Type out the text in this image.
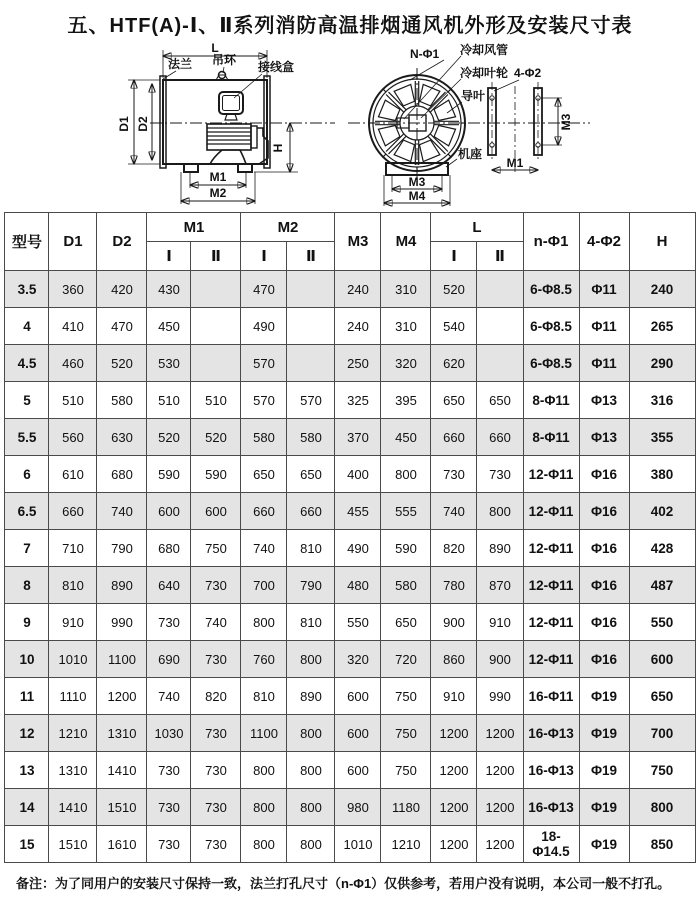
五、HTF(A)-Ⅰ、Ⅱ系列消防高温排烟通风机外形及安装尺寸表
L
D1 D2
H
M1
M2
法兰 吊环 接线盒
M3
M4
M1
M3
N-Φ1 冷却风管
冷却叶轮 4-Φ2
导叶
机座
型号	D1	D2	M1		M2		M3	M4	L		n-Φ1	4-Φ2	H
			Ⅰ	Ⅱ	Ⅰ	Ⅱ			Ⅰ	Ⅱ			
3.5	360	420	430		470		240	310	520		6-Φ8.5	Φ11	240
4	410	470	450		490		240	310	540		6-Φ8.5	Φ11	265
4.5	460	520	530		570		250	320	620		6-Φ8.5	Φ11	290
5	510	580	510	510	570	570	325	395	650	650	8-Φ11	Φ13	316
5.5	560	630	520	520	580	580	370	450	660	660	8-Φ11	Φ13	355
6	610	680	590	590	650	650	400	800	730	730	12-Φ11	Φ16	380
6.5	660	740	600	600	660	660	455	555	740	800	12-Φ11	Φ16	402
7	710	790	680	750	740	810	490	590	820	890	12-Φ11	Φ16	428
8	810	890	640	730	700	790	480	580	780	870	12-Φ11	Φ16	487
9	910	990	730	740	800	810	550	650	900	910	12-Φ11	Φ16	550
10	1010	1100	690	730	760	800	320	720	860	900	12-Φ11	Φ16	600
11	1110	1200	740	820	810	890	600	750	910	990	16-Φ11	Φ19	650
12	1210	1310	1030	730	1100	800	600	750	1200	1200	16-Φ13	Φ19	700
13	1310	1410	730	730	800	800	600	750	1200	1200	16-Φ13	Φ19	750
14	1410	1510	730	730	800	800	980	1180	1200	1200	16-Φ13	Φ19	800
15	1510	1610	730	730	800	800	1010	1210	1200	1200	18-Φ14.5	Φ19	850
备注：为了同用户的安装尺寸保持一致，法兰打孔尺寸（n-Φ1）仅供参考，若用户没有说明，本公司一般不打孔。
